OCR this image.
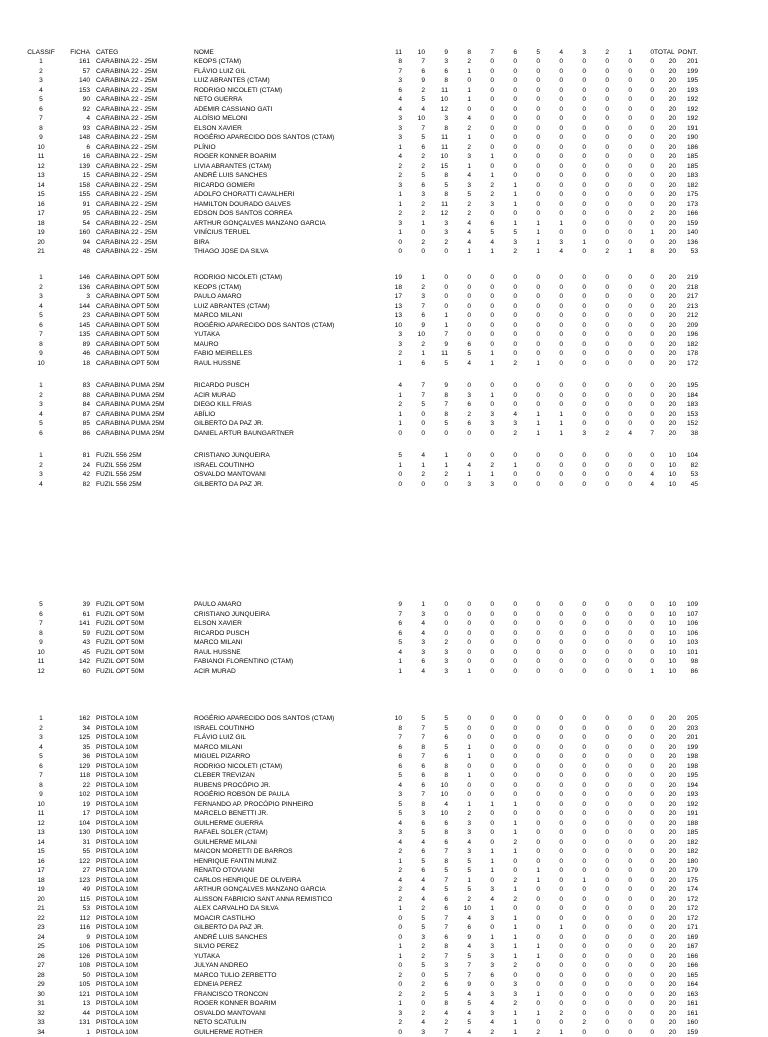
CLASSIF	FICHA CATEG	NOME	11	10	9	8	7	6	5	4	3	2	1	0 TOTAL PONT.
1	161 CARABINA 22 - 25M	KEOPS (CTAM)	8	7	3	2	0	0	0	0	0	0	0	0	20	201
2	57 CARABINA 22 - 25M	FLÁVIO LUIZ GIL	7	6	6	1	0	0	0	0	0	0	0	0	20	199
3	140 CARABINA 22 - 25M	LUIZ ABRANTES (CTAM)	3	9	8	0	0	0	0	0	0	0	0	0	20	195
4	153 CARABINA 22 - 25M	RODRIGO NICOLETI (CTAM)	6	2	11	1	0	0	0	0	0	0	0	0	20	193
5	90 CARABINA 22 - 25M	NETO GUERRA	4	5	10	1	0	0	0	0	0	0	0	0	20	192
6	92 CARABINA 22 - 25M	ADEMIR CASSIANO GATI	4	4	12	0	0	0	0	0	0	0	0	0	20	192
7	4 CARABINA 22 - 25M	ALOÍSIO MELONI	3	10	3	4	0	0	0	0	0	0	0	0	20	192
8	93 CARABINA 22 - 25M	ELSON XAVIER	3	7	8	2	0	0	0	0	0	0	0	0	20	191
9	148 CARABINA 22 - 25M	ROGÉRIO APARECIDO DOS SANTOS (CTAM)	3	5	11	1	0	0	0	0	0	0	0	0	20	190
10	6 CARABINA 22 - 25M	PLÍNIO	1	6	11	2	0	0	0	0	0	0	0	0	20	186
11	16 CARABINA 22 - 25M	ROGER KONNER BOARIM	4	2	10	3	1	0	0	0	0	0	0	0	20	185
12	139 CARABINA 22 - 25M	LIVIA ABRANTES (CTAM)	2	2	15	1	0	0	0	0	0	0	0	0	20	185
13	15 CARABINA 22 - 25M	ANDRÉ LUIS SANCHES	2	5	8	4	1	0	0	0	0	0	0	0	20	183
14	158 CARABINA 22 - 25M	RICARDO GOMIERI	3	6	5	3	2	1	0	0	0	0	0	0	20	182
15	155 CARABINA 22 - 25M	ADOLFO CHORATTI CAVALHERI	1	3	8	5	2	1	0	0	0	0	0	0	20	175
16	91 CARABINA 22 - 25M	HAMILTON DOURADO GALVES	1	2	11	2	3	1	0	0	0	0	0	0	20	173
17	95 CARABINA 22 - 25M	EDSON DOS SANTOS CORREA	2	2	12	2	0	0	0	0	0	0	0	2	20	166
18	54 CARABINA 22 - 25M	ARTHUR GONÇALVES MANZANO GARCIA	3	1	3	4	6	1	1	1	0	0	0	0	20	159
19	160 CARABINA 22 - 25M	VINÍCIUS TERUEL	1	0	3	4	5	5	1	0	0	0	0	1	20	140
20	94 CARABINA 22 - 25M	BIRA	0	2	2	4	4	3	1	3	1	0	0	0	20	136
21	48 CARABINA 22 - 25M	THIAGO JOSE DA SILVA	0	0	0	1	1	2	1	4	0	2	1	8	20	53
1	146 CARABINA OPT 50M	RODRIGO NICOLETI (CTAM)	19	1	0	0	0	0	0	0	0	0	0	0	20	219
2	136 CARABINA OPT 50M	KEOPS (CTAM)	18	2	0	0	0	0	0	0	0	0	0	0	20	218
3	3 CARABINA OPT 50M	PAULO AMARO	17	3	0	0	0	0	0	0	0	0	0	0	20	217
4	144 CARABINA OPT 50M	LUIZ ABRANTES (CTAM)	13	7	0	0	0	0	0	0	0	0	0	0	20	213
5	23 CARABINA OPT 50M	MARCO MILANI	13	6	1	0	0	0	0	0	0	0	0	0	20	212
6	145 CARABINA OPT 50M	ROGÉRIO APARECIDO DOS SANTOS (CTAM)	10	9	1	0	0	0	0	0	0	0	0	0	20	209
7	135 CARABINA OPT 50M	YUTAKA	3	10	7	0	0	0	0	0	0	0	0	0	20	196
8	89 CARABINA OPT 50M	MAURO	3	2	9	6	0	0	0	0	0	0	0	0	20	182
9	46 CARABINA OPT 50M	FABIO MEIRELLES	2	1	11	5	1	0	0	0	0	0	0	0	20	178
10	18 CARABINA OPT 50M	RAUL HUSSNE	1	6	5	4	1	2	1	0	0	0	0	0	20	172
1	83 CARABINA PUMA 25M	RICARDO PUSCH	4	7	9	0	0	0	0	0	0	0	0	0	20	195
2	88 CARABINA PUMA 25M	ACIR MURAD	1	7	8	3	1	0	0	0	0	0	0	0	20	184
3	84 CARABINA PUMA 25M	DIEGO KILL FRIAS	2	5	7	6	0	0	0	0	0	0	0	0	20	183
4	87 CARABINA PUMA 25M	ABÍLIO	1	0	8	2	3	4	1	1	0	0	0	0	20	153
5	85 CARABINA PUMA 25M	GILBERTO DA PAZ JR.	1	0	5	6	3	3	1	1	0	0	0	0	20	152
6	86 CARABINA PUMA 25M	DANIEL ARTUR BAUNGARTNER	0	0	0	0	0	2	1	1	3	2	4	7	20	38
1	81 FUZIL 556 25M	CRISTIANO JUNQUEIRA	5	4	1	0	0	0	0	0	0	0	0	0	10	104
2	24 FUZIL 556 25M	ISRAEL COUTINHO	1	1	1	4	2	1	0	0	0	0	0	0	10	82
3	42 FUZIL 556 25M	OSVALDO MANTOVANI	0	2	2	1	1	0	0	0	0	0	0	4	10	53
4	82 FUZIL 556 25M	GILBERTO DA PAZ JR.	0	0	0	3	3	0	0	0	0	0	0	4	10	45
5	39 FUZIL OPT 50M	PAULO AMARO	9	1	0	0	0	0	0	0	0	0	0	0	10	109
6	61 FUZIL OPT 50M	CRISTIANO JUNQUEIRA	7	3	0	0	0	0	0	0	0	0	0	0	10	107
7	141 FUZIL OPT 50M	ELSON XAVIER	6	4	0	0	0	0	0	0	0	0	0	0	10	106
8	59 FUZIL OPT 50M	RICARDO PUSCH	6	4	0	0	0	0	0	0	0	0	0	0	10	106
9	43 FUZIL OPT 50M	MARCO MILANI	5	3	2	0	0	0	0	0	0	0	0	0	10	103
10	45 FUZIL OPT 50M	RAUL HUSSNE	4	3	3	0	0	0	0	0	0	0	0	0	10	101
11	142 FUZIL OPT 50M	FABIANOI FLORENTINO (CTAM)	1	6	3	0	0	0	0	0	0	0	0	0	10	98
12	60 FUZIL OPT 50M	ACIR MURAD	1	4	3	1	0	0	0	0	0	0	0	1	10	86
1	162 PISTOLA 10M	ROGÉRIO APARECIDO DOS SANTOS (CTAM)	10	5	5	0	0	0	0	0	0	0	0	0	20	205
2	34 PISTOLA 10M	ISRAEL COUTINHO	8	7	5	0	0	0	0	0	0	0	0	0	20	203
3	125 PISTOLA 10M	FLÁVIO LUIZ GIL	7	7	6	0	0	0	0	0	0	0	0	0	20	201
4	35 PISTOLA 10M	MARCO MILANI	6	8	5	1	0	0	0	0	0	0	0	0	20	199
5	36 PISTOLA 10M	MIGUEL PIZARRO	6	7	6	1	0	0	0	0	0	0	0	0	20	198
6	129 PISTOLA 10M	RODRIGO NICOLETI (CTAM)	6	6	8	0	0	0	0	0	0	0	0	0	20	198
7	118 PISTOLA 10M	CLEBER TREVIZAN	5	6	8	1	0	0	0	0	0	0	0	0	20	195
8	22 PISTOLA 10M	RUBENS PROCÓPIO JR.	4	6	10	0	0	0	0	0	0	0	0	0	20	194
9	102 PISTOLA 10M	ROGÉRIO ROBSON DE PAULA	3	7	10	0	0	0	0	0	0	0	0	0	20	193
10	19 PISTOLA 10M	FERNANDO AP. PROCÓPIO PINHEIRO	5	8	4	1	1	1	0	0	0	0	0	0	20	192
11	17 PISTOLA 10M	MARCELO BENETTI JR.	5	3	10	2	0	0	0	0	0	0	0	0	20	191
12	104 PISTOLA 10M	GUILHERME GUERRA	4	6	6	3	0	1	0	0	0	0	0	0	20	188
13	130 PISTOLA 10M	RAFAEL SOLER (CTAM)	3	5	8	3	0	1	0	0	0	0	0	0	20	185
14	31 PISTOLA 10M	GUILHERME MILANI	4	4	6	4	0	2	0	0	0	0	0	0	20	182
15	55 PISTOLA 10M	MAICON MORETTI DE BARROS	2	6	7	3	1	1	0	0	0	0	0	0	20	182
16	122 PISTOLA 10M	HENRIQUE FANTIN MUNIZ	1	5	8	5	1	0	0	0	0	0	0	0	20	180
17	27 PISTOLA 10M	RENATO OTOVIANI	2	6	5	5	1	0	1	0	0	0	0	0	20	179
18	123 PISTOLA 10M	CARLOS HENRIQUE DE OLIVEIRA	4	4	7	1	0	2	1	0	1	0	0	0	20	175
19	49 PISTOLA 10M	ARTHUR GONÇALVES MANZANO GARCIA	2	4	5	5	3	1	0	0	0	0	0	0	20	174
20	115 PISTOLA 10M	ALISSON FABRICIO SANT ANNA REMISTICO	2	4	6	2	4	2	0	0	0	0	0	0	20	172
21	53 PISTOLA 10M	ALEX CARVALHO DA SILVA	1	2	6	10	1	0	0	0	0	0	0	0	20	172
22	112 PISTOLA 10M	MOACIR CASTILHO	0	5	7	4	3	1	0	0	0	0	0	0	20	172
23	116 PISTOLA 10M	GILBERTO DA PAZ JR.	0	5	7	6	0	1	0	1	0	0	0	0	20	171
24	9 PISTOLA 10M	ANDRÉ LUIS SANCHES	0	3	6	9	1	1	0	0	0	0	0	0	20	169
25	106 PISTOLA 10M	SILVIO PEREZ	1	2	8	4	3	1	1	0	0	0	0	0	20	167
26	126 PISTOLA 10M	YUTAKA	1	2	7	5	3	1	1	0	0	0	0	0	20	166
27	108 PISTOLA 10M	JULYAN ANDREO	0	5	3	7	3	2	0	0	0	0	0	0	20	166
28	50 PISTOLA 10M	MARCO TULIO ZERBETTO	2	0	5	7	6	0	0	0	0	0	0	0	20	165
29	105 PISTOLA 10M	EDNEIA PEREZ	0	2	6	9	0	3	0	0	0	0	0	0	20	164
30	121 PISTOLA 10M	FRANCISCO TRONCON	2	2	5	4	3	3	1	0	0	0	0	0	20	163
31	13 PISTOLA 10M	ROGER KONNER BOARIM	1	0	8	5	4	2	0	0	0	0	0	0	20	161
32	44 PISTOLA 10M	OSVALDO MANTOVANI	3	2	4	4	3	1	1	2	0	0	0	0	20	161
33	131 PISTOLA 10M	NETO SCATULIN	2	4	2	5	4	1	0	0	2	0	0	0	20	160
34	1 PISTOLA 10M	GUILHERME ROTHER	0	3	7	4	2	1	2	1	0	0	0	0	20	159
